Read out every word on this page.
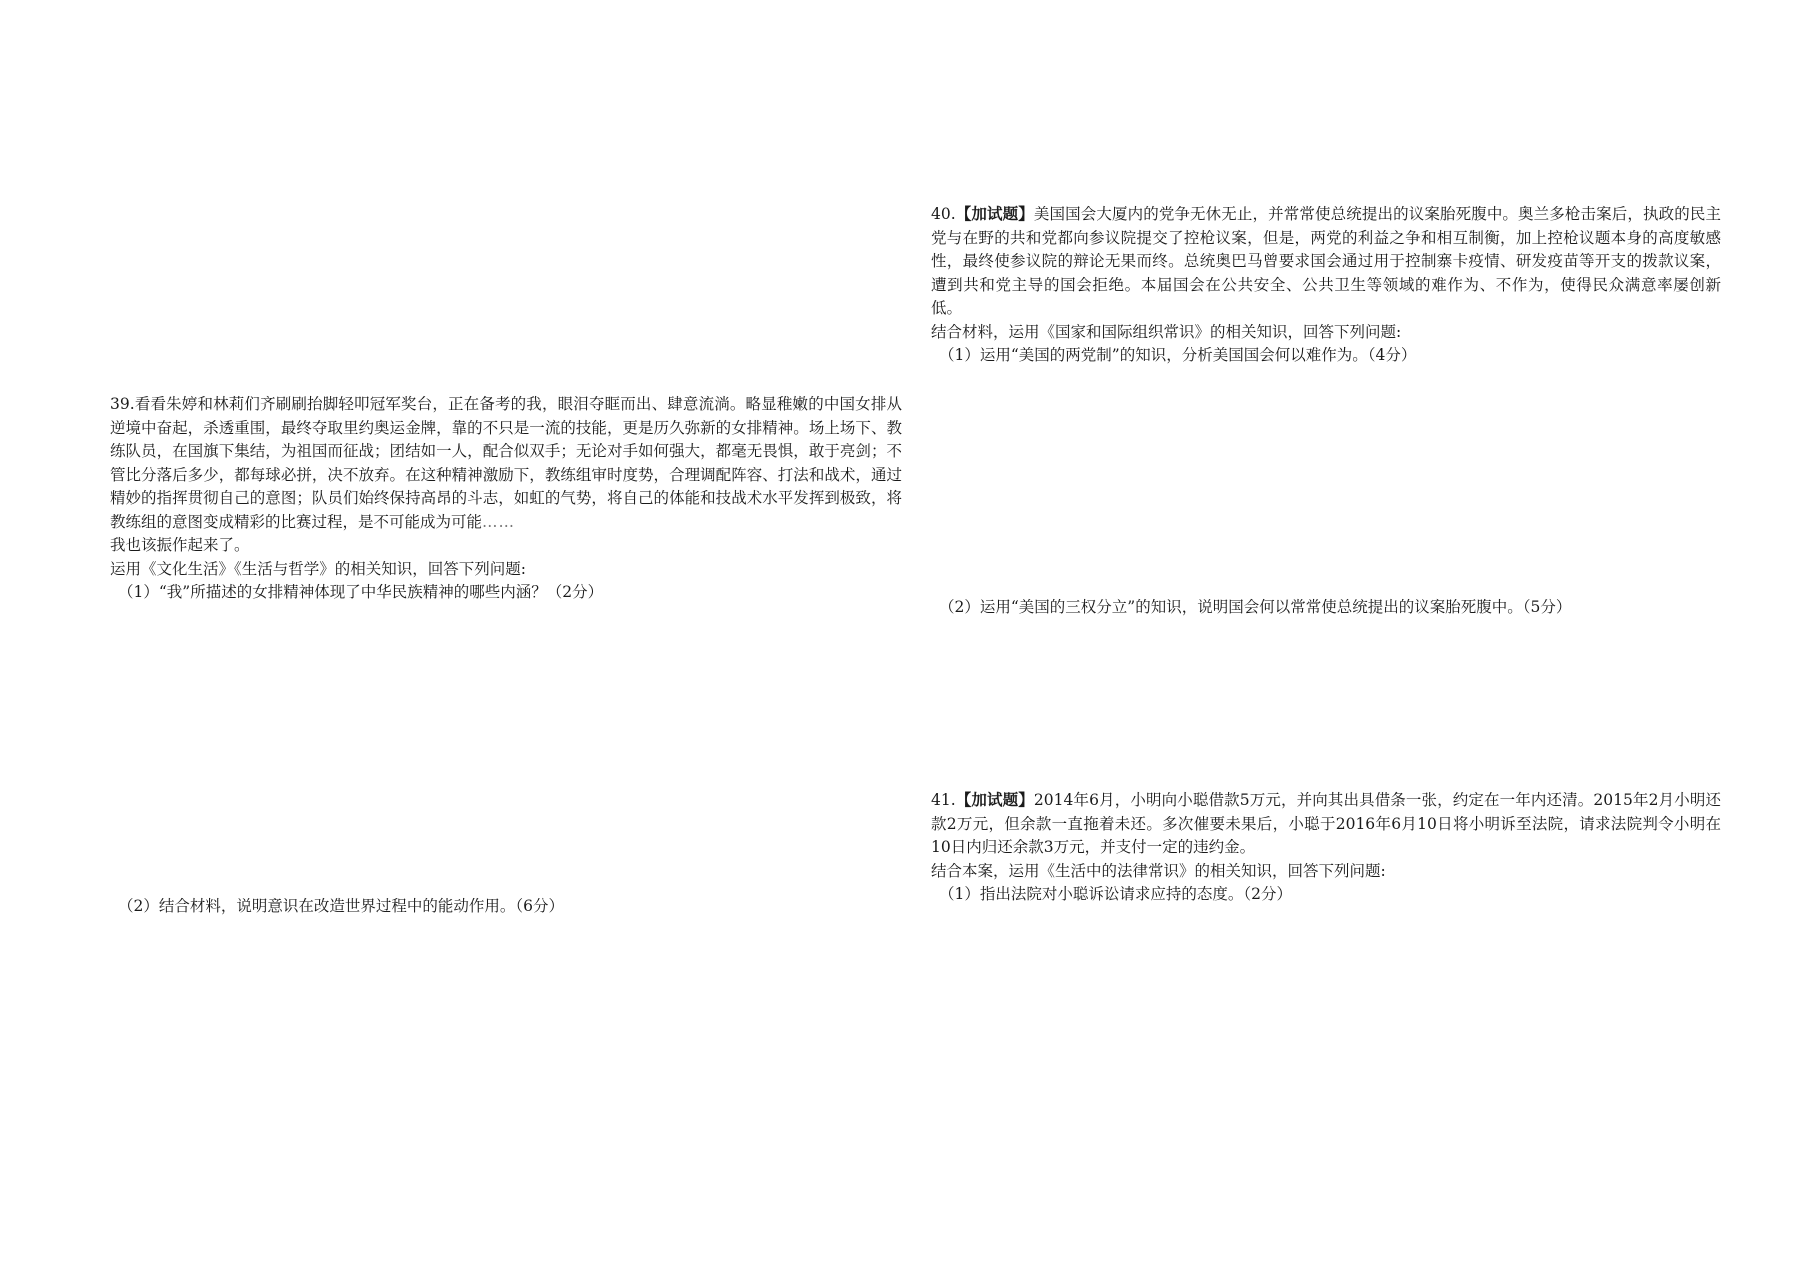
39.看看朱婷和林莉们齐刷刷抬脚轻叩冠军奖台，正在备考的我，眼泪夺眶而出、肆意流淌。略显稚嫩的中国女排从逆境中奋起，杀透重围，最终夺取里约奥运金牌，靠的不只是一流的技能，更是历久弥新的女排精神。场上场下、教练队员，在国旗下集结，为祖国而征战；团结如一人，配合似双手；无论对手如何强大，都毫无畏惧，敢于亮剑；不管比分落后多少，都每球必拼，决不放弃。在这种精神激励下，教练组审时度势，合理调配阵容、打法和战术，通过精妙的指挥贯彻自己的意图；队员们始终保持高昂的斗志，如虹的气势，将自己的体能和技战术水平发挥到极致，将教练组的意图变成精彩的比赛过程，是不可能成为可能……

我也该振作起来了。

运用《文化生活》《生活与哲学》的相关知识，回答下列问题:

（1）“我”所描述的女排精神体现了中华民族精神的哪些内涵？（2分）

（2）结合材料，说明意识在改造世界过程中的能动作用。（6分）

40.【加试题】美国国会大厦内的党争无休无止，并常常使总统提出的议案胎死腹中。奥兰多枪击案后，执政的民主党与在野的共和党都向参议院提交了控枪议案，但是，两党的利益之争和相互制衡，加上控枪议题本身的高度敏感性，最终使参议院的辩论无果而终。总统奥巴马曾要求国会通过用于控制寨卡疫情、研发疫苗等开支的拨款议案，遭到共和党主导的国会拒绝。本届国会在公共安全、公共卫生等领域的难作为、不作为，使得民众满意率屡创新低。

结合材料，运用《国家和国际组织常识》的相关知识，回答下列问题:

（1）运用“美国的两党制”的知识，分析美国国会何以难作为。（4分）

（2）运用“美国的三权分立”的知识，说明国会何以常常使总统提出的议案胎死腹中。（5分）

41.【加试题】2014年6月，小明向小聪借款5万元，并向其出具借条一张，约定在一年内还清。2015年2月小明还款2万元，但余款一直拖着未还。多次催要未果后，小聪于2016年6月10日将小明诉至法院，请求法院判令小明在10日内归还余款3万元，并支付一定的违约金。

结合本案，运用《生活中的法律常识》的相关知识，回答下列问题:

（1）指出法院对小聪诉讼请求应持的态度。（2分）
